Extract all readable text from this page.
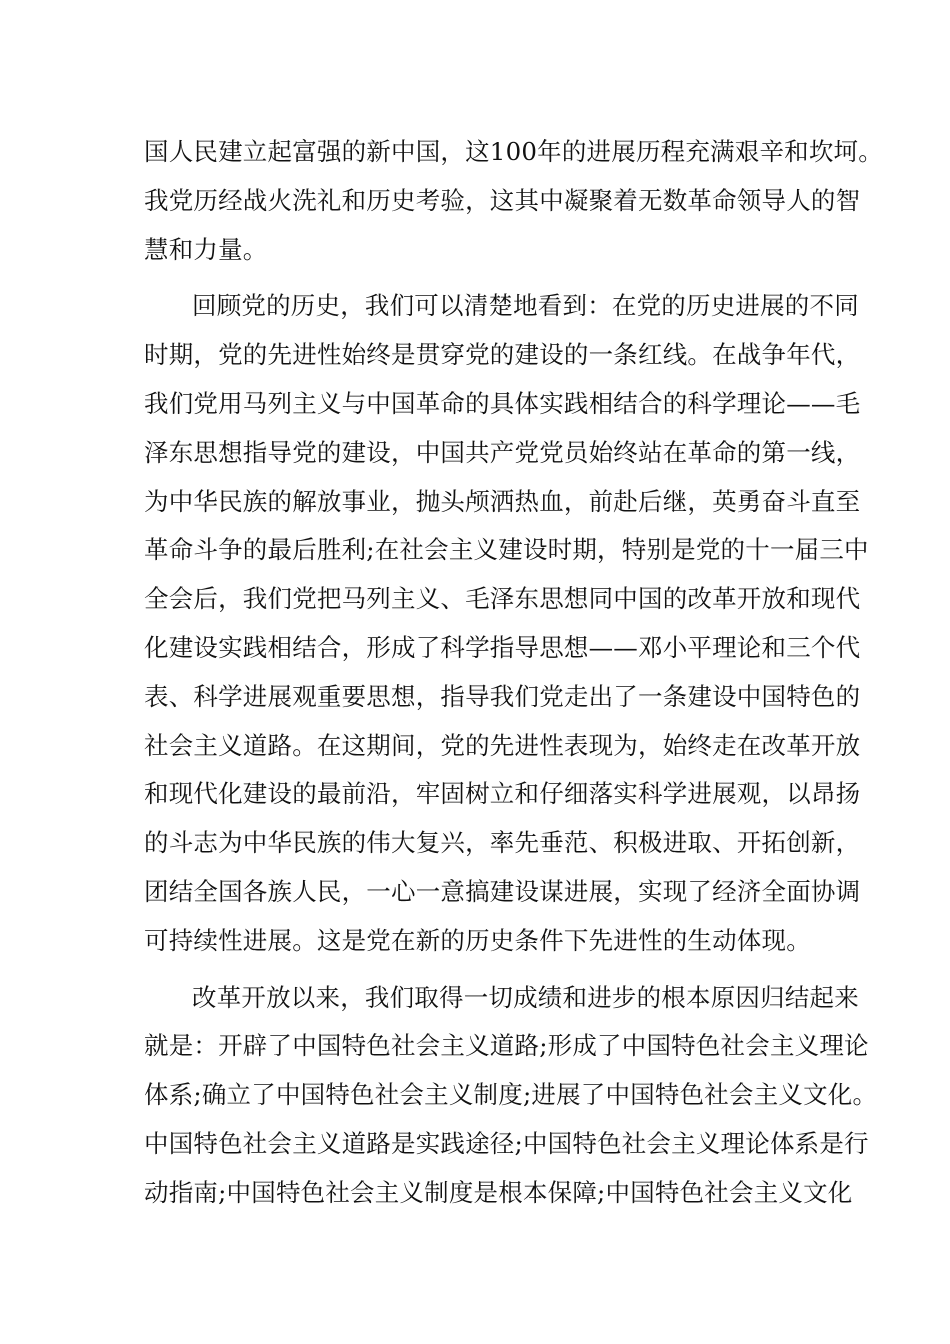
国人民建立起富强的新中国，这100年的进展历程充满艰辛和坎坷。
我党历经战火洗礼和历史考验，这其中凝聚着无数革命领导人的智
慧和力量。
回顾党的历史，我们可以清楚地看到：在党的历史进展的不同
时期，党的先进性始终是贯穿党的建设的一条红线。在战争年代，
我们党用马列主义与中国革命的具体实践相结合的科学理论——毛
泽东思想指导党的建设，中国共产党党员始终站在革命的第一线，
为中华民族的解放事业，抛头颅洒热血，前赴后继，英勇奋斗直至
革命斗争的最后胜利;在社会主义建设时期，特别是党的十一届三中
全会后，我们党把马列主义、毛泽东思想同中国的改革开放和现代
化建设实践相结合，形成了科学指导思想——邓小平理论和三个代
表、科学进展观重要思想，指导我们党走出了一条建设中国特色的
社会主义道路。在这期间，党的先进性表现为，始终走在改革开放
和现代化建设的最前沿，牢固树立和仔细落实科学进展观，以昂扬
的斗志为中华民族的伟大复兴，率先垂范、积极进取、开拓创新，
团结全国各族人民，一心一意搞建设谋进展，实现了经济全面协调
可持续性进展。这是党在新的历史条件下先进性的生动体现。
改革开放以来，我们取得一切成绩和进步的根本原因归结起来
就是：开辟了中国特色社会主义道路;形成了中国特色社会主义理论
体系;确立了中国特色社会主义制度;进展了中国特色社会主义文化。
中国特色社会主义道路是实践途径;中国特色社会主义理论体系是行
动指南;中国特色社会主义制度是根本保障;中国特色社会主义文化
